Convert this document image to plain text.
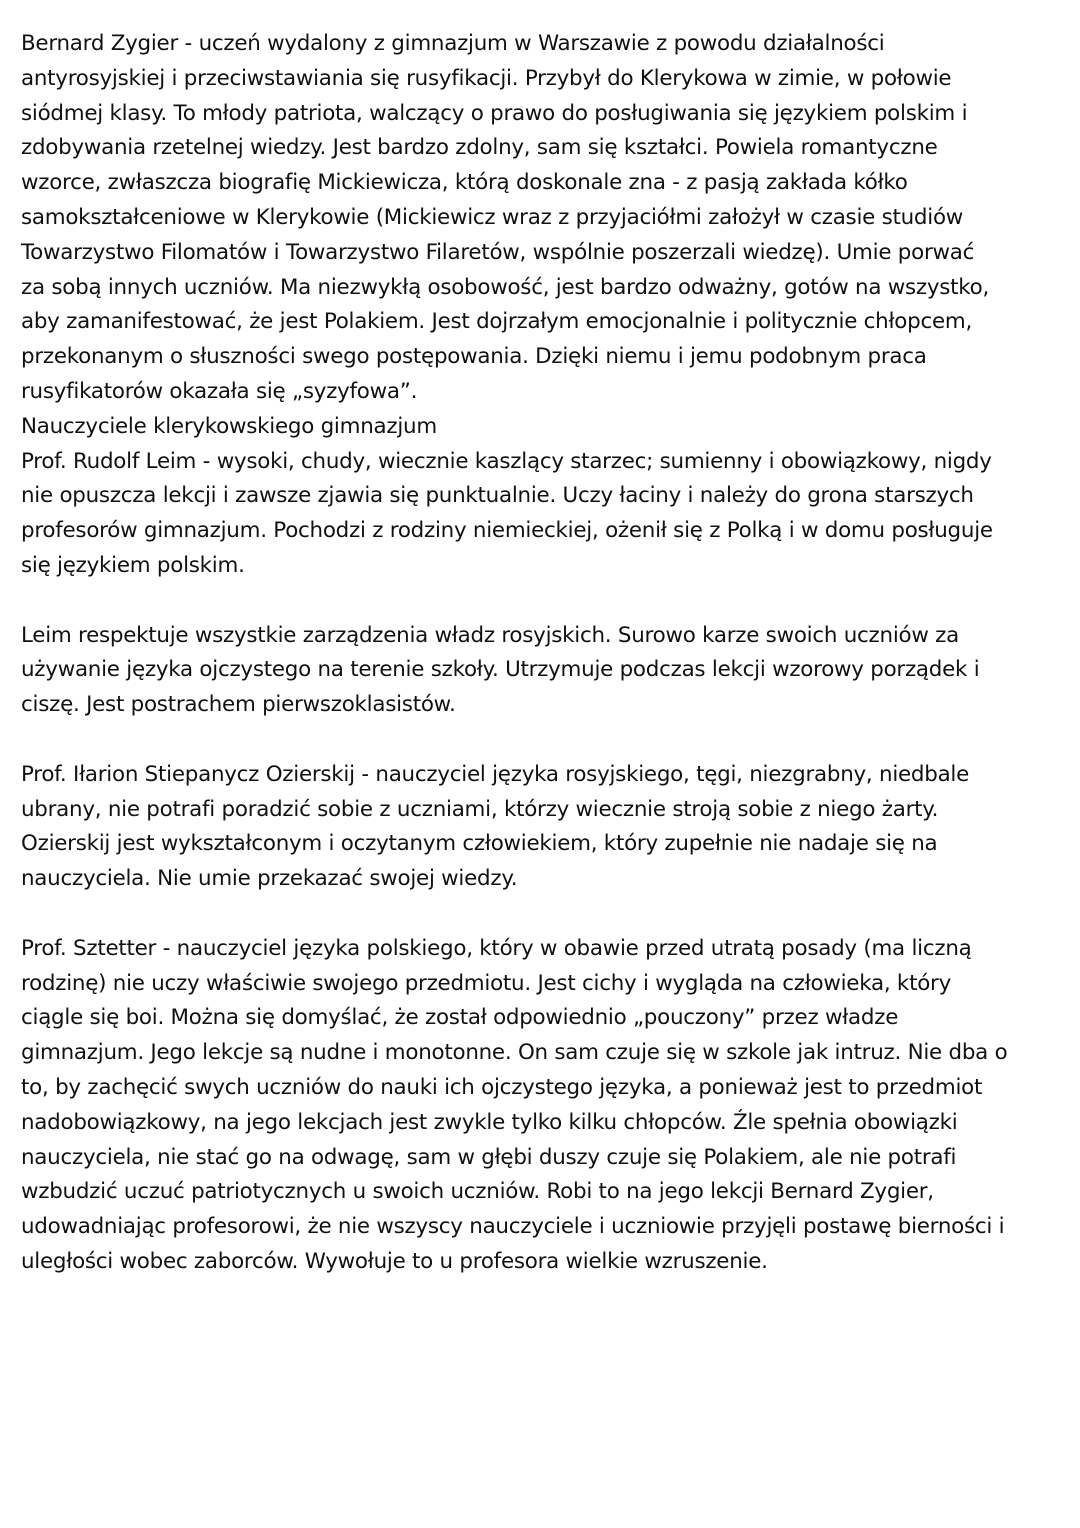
Bernard Zygier - uczeń wydalony z gimnazjum w Warszawie z powodu działalności
antyrosyjskiej i przeciwstawiania się rusyfikacji. Przybył do Klerykowa w zimie, w połowie
siódmej klasy. To młody patriota, walczący o prawo do posługiwania się językiem polskim i
zdobywania rzetelnej wiedzy. Jest bardzo zdolny, sam się kształci. Powiela romantyczne
wzorce, zwłaszcza biografię Mickiewicza, którą doskonale zna - z pasją zakłada kółko
samokształceniowe w Klerykowie (Mickiewicz wraz z przyjaciółmi założył w czasie studiów
Towarzystwo Filomatów i Towarzystwo Filaretów, wspólnie poszerzali wiedzę). Umie porwać
za sobą innych uczniów. Ma niezwykłą osobowość, jest bardzo odważny, gotów na wszystko,
aby zamanifestować, że jest Polakiem. Jest dojrzałym emocjonalnie i politycznie chłopcem,
przekonanym o słuszności swego postępowania. Dzięki niemu i jemu podobnym praca
rusyfikatorów okazała się „syzyfowa”.
Nauczyciele klerykowskiego gimnazjum
Prof. Rudolf Leim - wysoki, chudy, wiecznie kaszlący starzec; sumienny i obowiązkowy, nigdy
nie opuszcza lekcji i zawsze zjawia się punktualnie. Uczy łaciny i należy do grona starszych
profesorów gimnazjum. Pochodzi z rodziny niemieckiej, ożenił się z Polką i w domu posługuje
się językiem polskim.
Leim respektuje wszystkie zarządzenia władz rosyjskich. Surowo karze swoich uczniów za
używanie języka ojczystego na terenie szkoły. Utrzymuje podczas lekcji wzorowy porządek i
ciszę. Jest postrachem pierwszoklasistów.
Prof. Iłarion Stiepanycz Ozierskij - nauczyciel języka rosyjskiego, tęgi, niezgrabny, niedbale
ubrany, nie potrafi poradzić sobie z uczniami, którzy wiecznie stroją sobie z niego żarty.
Ozierskij jest wykształconym i oczytanym człowiekiem, który zupełnie nie nadaje się na
nauczyciela. Nie umie przekazać swojej wiedzy.
Prof. Sztetter - nauczyciel języka polskiego, który w obawie przed utratą posady (ma liczną
rodzinę) nie uczy właściwie swojego przedmiotu. Jest cichy i wygląda na człowieka, który
ciągle się boi. Można się domyślać, że został odpowiednio „pouczony” przez władze
gimnazjum. Jego lekcje są nudne i monotonne. On sam czuje się w szkole jak intruz. Nie dba o
to, by zachęcić swych uczniów do nauki ich ojczystego języka, a ponieważ jest to przedmiot
nadobowiązkowy, na jego lekcjach jest zwykle tylko kilku chłopców. Źle spełnia obowiązki
nauczyciela, nie stać go na odwagę, sam w głębi duszy czuje się Polakiem, ale nie potrafi
wzbudzić uczuć patriotycznych u swoich uczniów. Robi to na jego lekcji Bernard Zygier,
udowadniając profesorowi, że nie wszyscy nauczyciele i uczniowie przyjęli postawę bierności i
uległości wobec zaborców. Wywołuje to u profesora wielkie wzruszenie.
